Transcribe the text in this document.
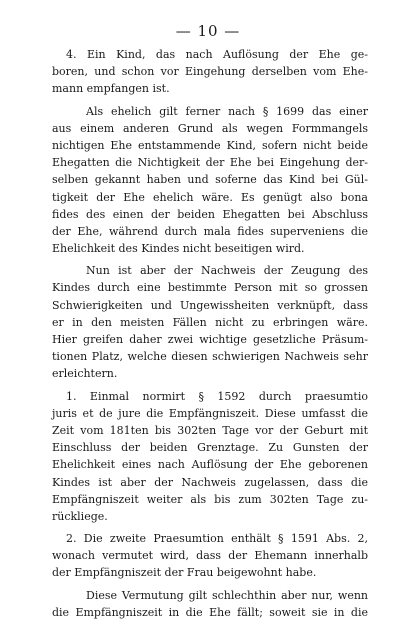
— 10 —
4. Ein Kind, das nach Auflösung der Ehe ge-
boren, und schon vor Eingehung derselben vom Ehe-
mann empfangen ist.
Als ehelich gilt ferner nach § 1699 das einer
aus einem anderen Grund als wegen Formmangels
nichtigen Ehe entstammende Kind, sofern nicht beide
Ehegatten die Nichtigkeit der Ehe bei Eingehung der-
selben gekannt haben und soferne das Kind bei Gül-
tigkeit der Ehe ehelich wäre. Es genügt also bona
fides des einen der beiden Ehegatten bei Abschluss
der Ehe, während durch mala fides superveniens die
Ehelichkeit des Kindes nicht beseitigen wird.
Nun ist aber der Nachweis der Zeugung des
Kindes durch eine bestimmte Person mit so grossen
Schwierigkeiten und Ungewissheiten verknüpft, dass
er in den meisten Fällen nicht zu erbringen wäre.
Hier greifen daher zwei wichtige gesetzliche Präsum-
tionen Platz, welche diesen schwierigen Nachweis sehr
erleichtern.
1. Einmal normirt § 1592 durch praesumtio
juris et de jure die Empfängniszeit. Diese umfasst die
Zeit vom 181ten bis 302ten Tage vor der Geburt mit
Einschluss der beiden Grenztage. Zu Gunsten der
Ehelichkeit eines nach Auflösung der Ehe geborenen
Kindes ist aber der Nachweis zugelassen, dass die
Empfängniszeit weiter als bis zum 302ten Tage zu-
rückliege.
2. Die zweite Praesumtion enthält § 1591 Abs. 2,
wonach vermutet wird, dass der Ehemann innerhalb
der Empfängniszeit der Frau beigewohnt habe.
Diese Vermutung gilt schlechthin aber nur, wenn
die Empfängniszeit in die Ehe fällt; soweit sie in die
